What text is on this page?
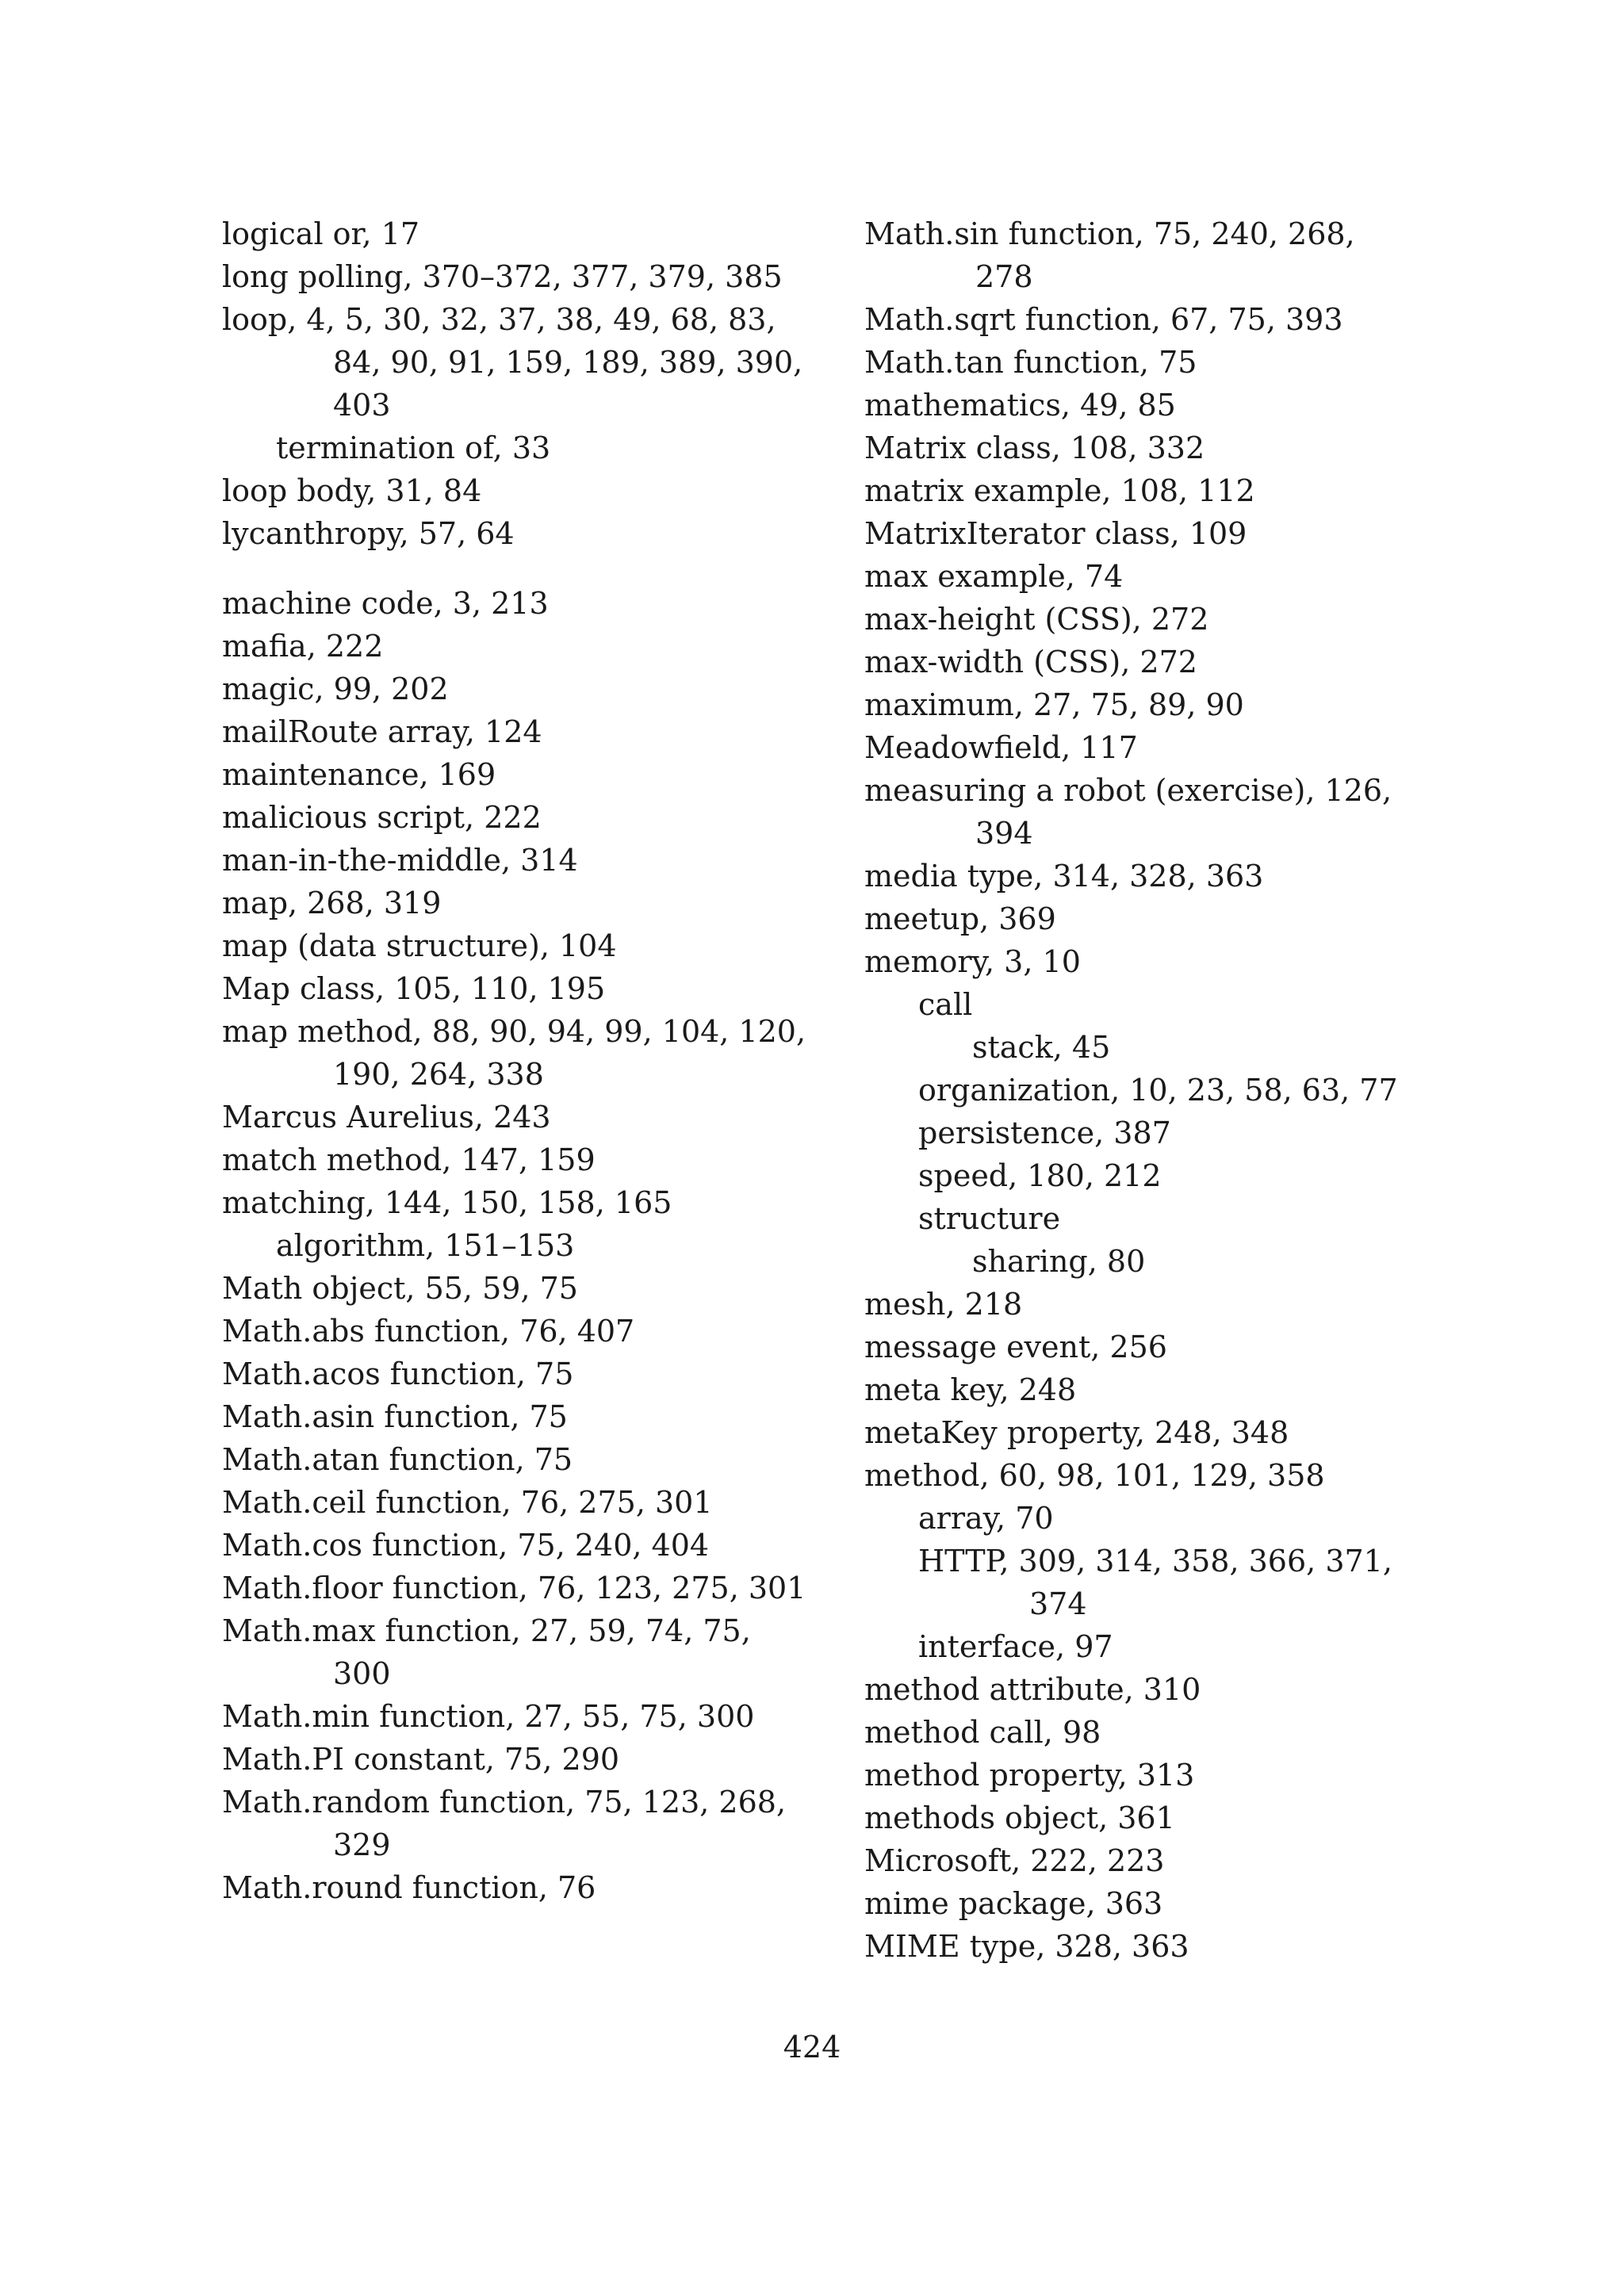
logical or, 17
long polling, 370–372, 377, 379, 385
loop, 4, 5, 30, 32, 37, 38, 49, 68, 83, 84, 90, 91, 159, 189, 389, 390, 403
termination of, 33
loop body, 31, 84
lycanthropy, 57, 64
machine code, 3, 213
mafia, 222
magic, 99, 202
mailRoute array, 124
maintenance, 169
malicious script, 222
man-in-the-middle, 314
map, 268, 319
map (data structure), 104
Map class, 105, 110, 195
map method, 88, 90, 94, 99, 104, 120, 190, 264, 338
Marcus Aurelius, 243
match method, 147, 159
matching, 144, 150, 158, 165
algorithm, 151–153
Math object, 55, 59, 75
Math.abs function, 76, 407
Math.acos function, 75
Math.asin function, 75
Math.atan function, 75
Math.ceil function, 76, 275, 301
Math.cos function, 75, 240, 404
Math.floor function, 76, 123, 275, 301
Math.max function, 27, 59, 74, 75, 300
Math.min function, 27, 55, 75, 300
Math.PI constant, 75, 290
Math.random function, 75, 123, 268, 329
Math.round function, 76
Math.sin function, 75, 240, 268, 278
Math.sqrt function, 67, 75, 393
Math.tan function, 75
mathematics, 49, 85
Matrix class, 108, 332
matrix example, 108, 112
MatrixIterator class, 109
max example, 74
max-height (CSS), 272
max-width (CSS), 272
maximum, 27, 75, 89, 90
Meadowfield, 117
measuring a robot (exercise), 126, 394
media type, 314, 328, 363
meetup, 369
memory, 3, 10
call
stack, 45
organization, 10, 23, 58, 63, 77
persistence, 387
speed, 180, 212
structure
sharing, 80
mesh, 218
message event, 256
meta key, 248
metaKey property, 248, 348
method, 60, 98, 101, 129, 358
array, 70
HTTP, 309, 314, 358, 366, 371, 374
interface, 97
method attribute, 310
method call, 98
method property, 313
methods object, 361
Microsoft, 222, 223
mime package, 363
MIME type, 328, 363
424
